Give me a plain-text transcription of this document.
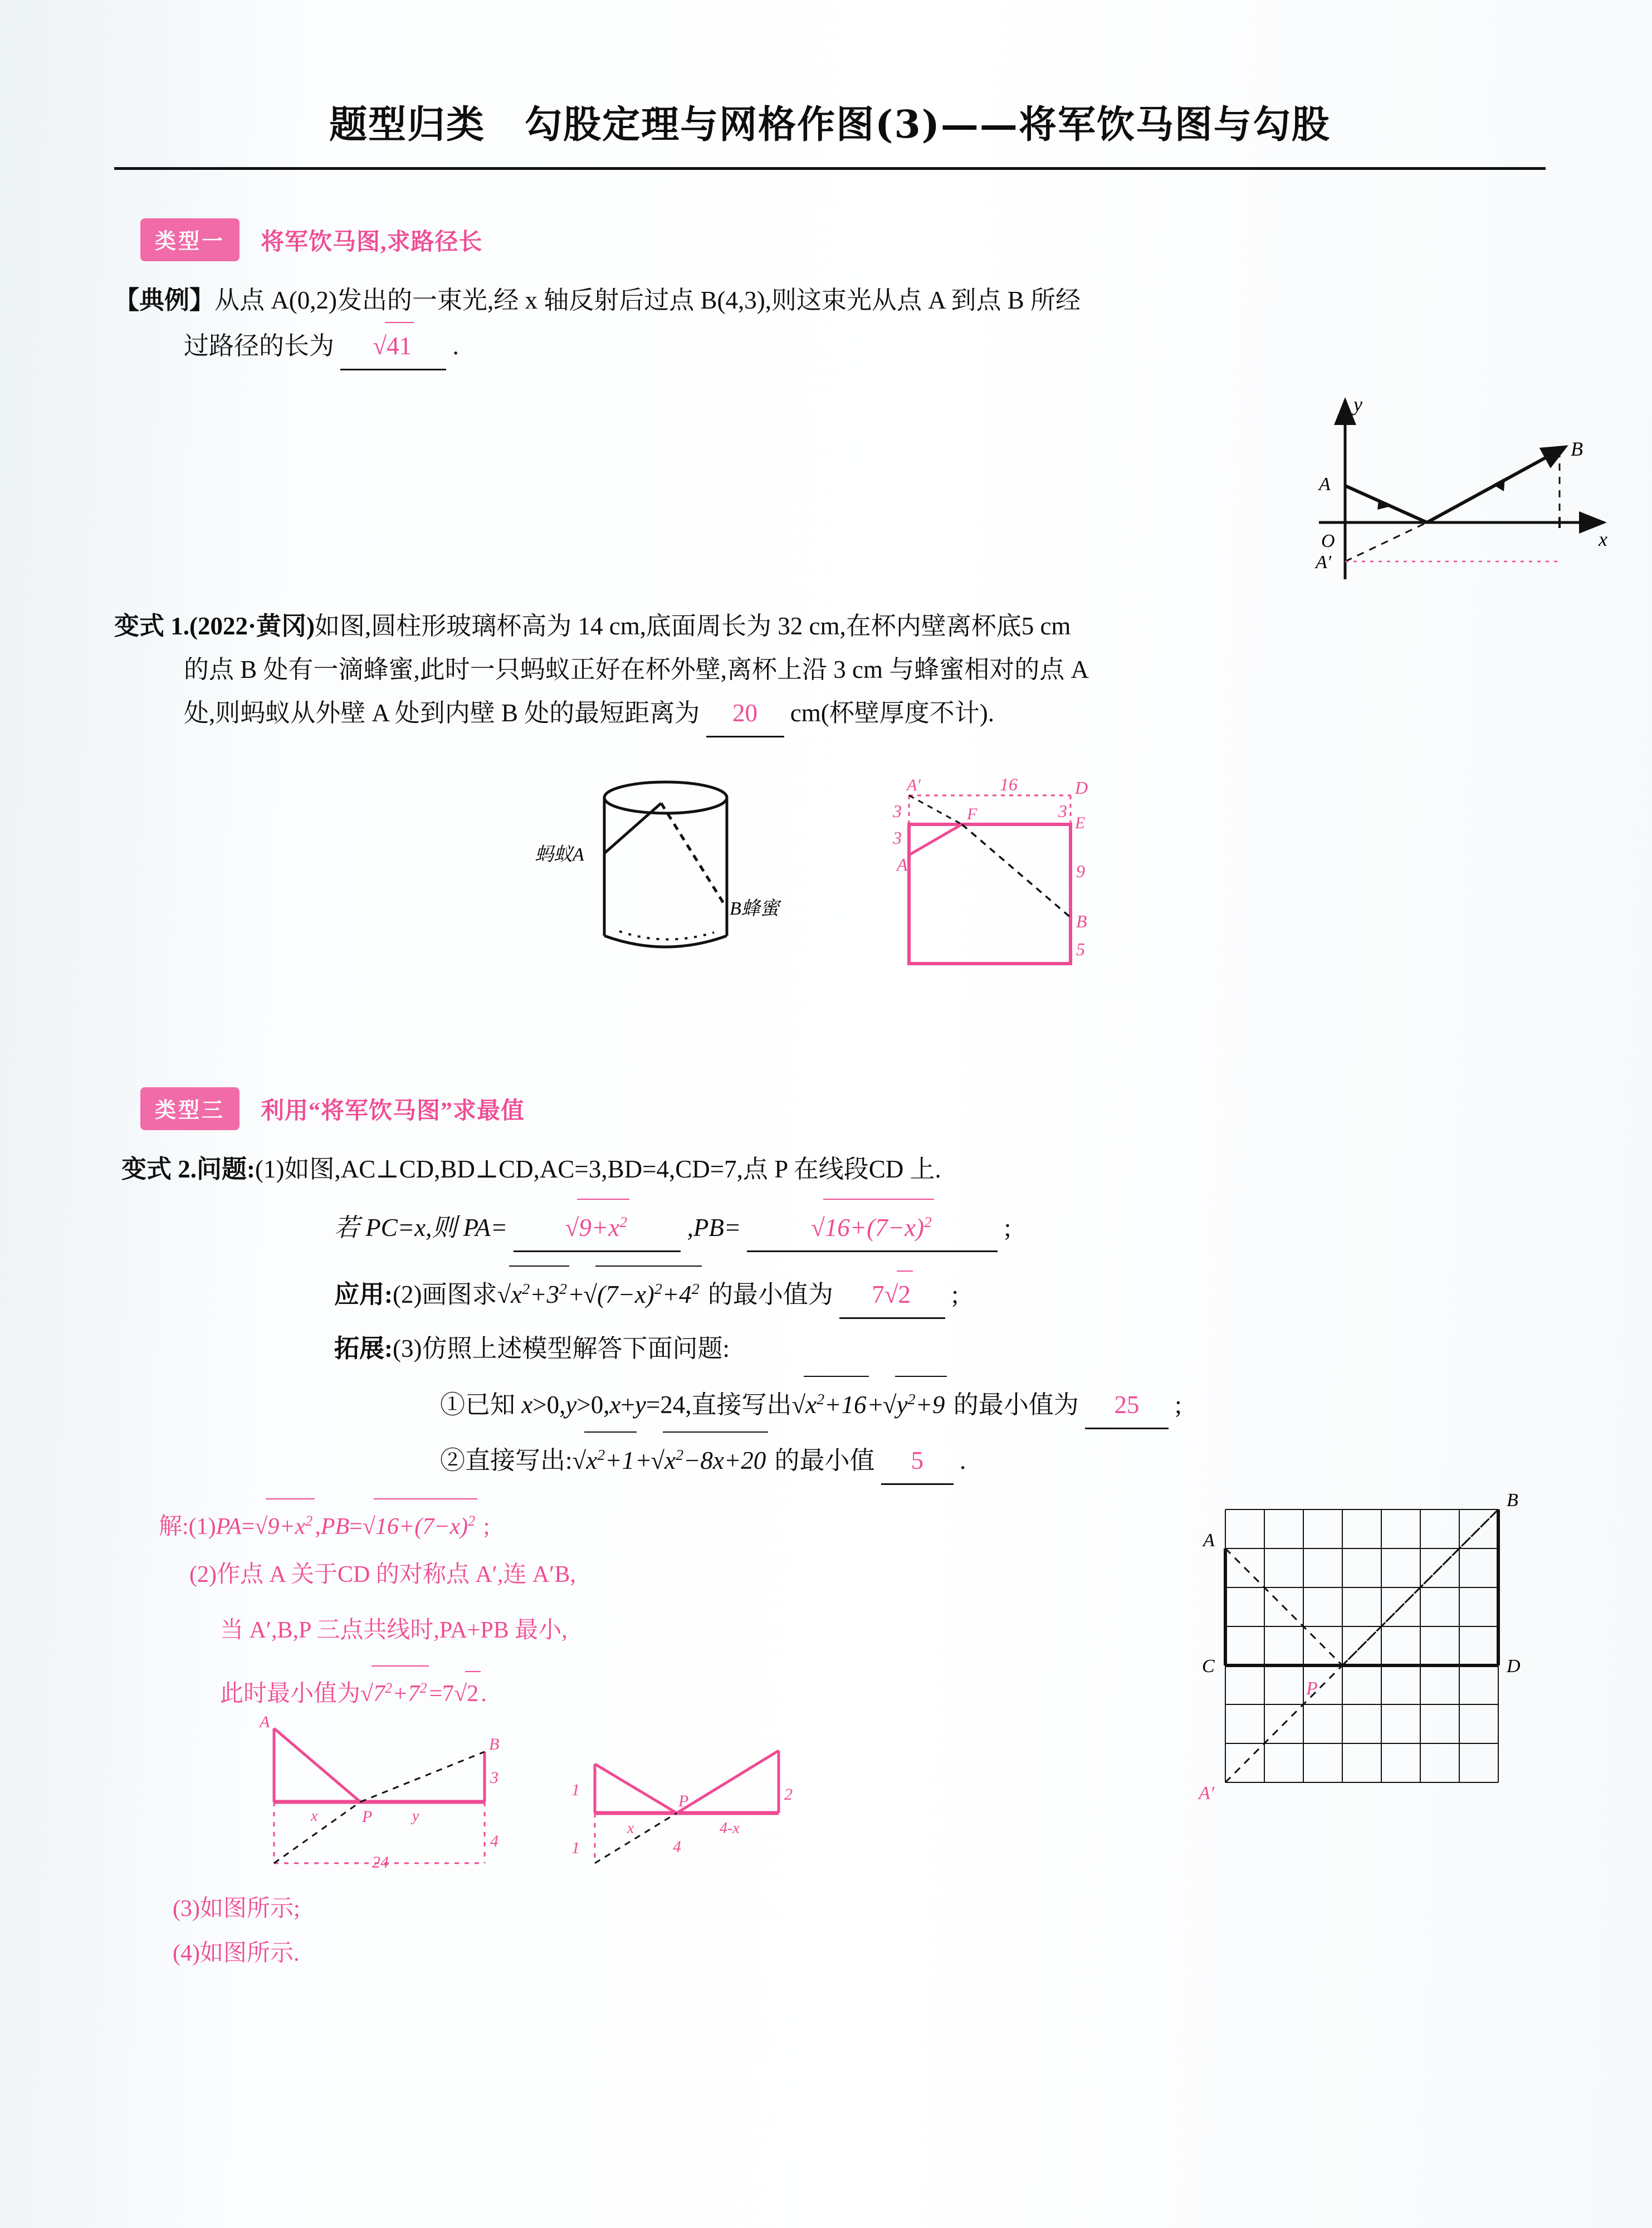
题型归类　勾股定理与网格作图(3)——将军饮马图与勾股
类型一 将军饮马图,求路径长
【典例】从点 A(0,2)发出的一束光,经 x 轴反射后过点 B(4,3),则这束光从点 A 到点 B 所经
过路径的长为 √ 41 .
y
x
O
A
A′
B
变式 1.(2022·黄冈)如图,圆柱形玻璃杯高为 14 cm,底面周长为 32 cm,在杯内壁离杯底5 cm
的点 B 处有一滴蜂蜜,此时一只蚂蚁正好在杯外壁,离杯上沿 3 cm 与蜂蜜相对的点 A
处,则蚂蚁从外壁 A 处到内壁 B 处的最短距离为 20 cm(杯壁厚度不计).
蚂蚁A
B蜂蜜
A′	D
E
F
A
B
16
3
3
3
9
5
类型三 利用“将军饮马图”求最值
变式 2.问题:(1)如图,AC⊥CD,BD⊥CD,AC=3,BD=4,CD=7,点 P 在线段CD 上.
若 PC=x,则 PA= √	$9+x^2$ ,PB= √	$16+(7-x)^2$	;
应用:(2)画图求 √ $x^2+3^2+$ √ $(7-x)^2+4^2$ 的最小值为 7 √ 2 ;
拓展:(3)仿照上述模型解答下面问题:
①已知 x>0,y>0,x+y=24,直接写出 √ $x^2+16+$ √ $y^2+9$ 的最小值为 25 ;
②直接写出: √ $x^2+1+$ √ $x^2-8x+20$ 的最小值 5 .
解:(1)PA= √ $9+x^2,PB=$ √ $16+(7-x)^2$ ;
(2)作点 A 关于CD 的对称点 A′,连 A′B,
当 A′,B,P 三点共线时,PA+PB 最小,
此时最小值为 √ $7^2+7^2=7$ √ 2.
(3)如图所示;
(4)如图所示.
A
B
C	D
P
A′
A
B
P
x	y
3
4
24
1
1
x
P
4-x
2
4
